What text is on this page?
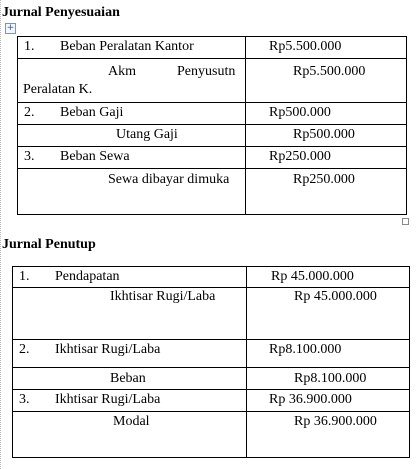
Jurnal Penyesuaian
+
1. Beban Peralatan Kantor	Rp5.500.000

Akm Penyusutn
Peralatan K.	Rp5.500.000

2. Beban Gaji	Rp500.000

Utang Gaji	Rp500.000

3. Beban Sewa	Rp250.000

Sewa dibayar dimuka	Rp250.000
Jurnal Penutup
1. Pendapatan	Rp 45.000.000

Ikhtisar Rugi/Laba	Rp 45.000.000

2. Ikhtisar Rugi/Laba	Rp8.100.000

Beban	Rp8.100.000

3. Ikhtisar Rugi/Laba	Rp 36.900.000

Modal	Rp 36.900.000
